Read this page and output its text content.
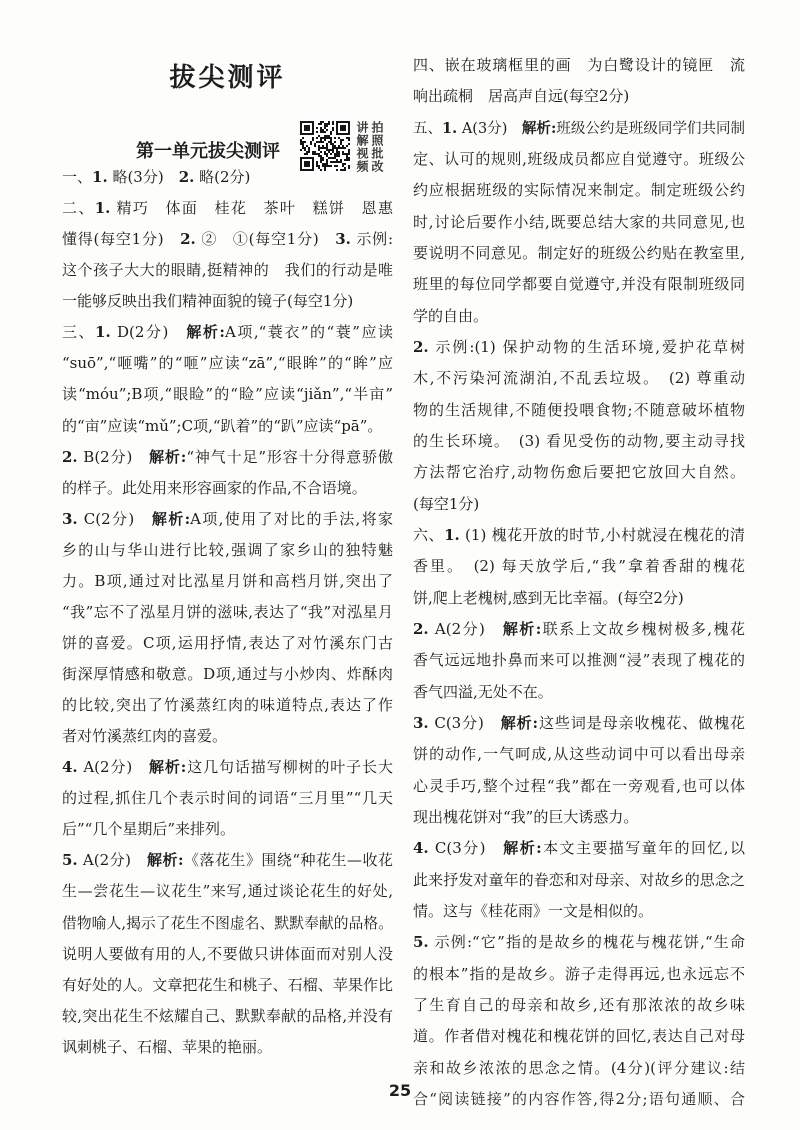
拔尖测评
第一单元拔尖测评	讲解视频 拍照批改
一、1. 略(3分)　2. 略(2分)
二、1. 精巧　体面　桂花　茶叶　糕饼　恩惠
懂得(每空1分)　2. ②　①(每空1分)　3. 示例:
这个孩子大大的眼睛,挺精神的　我们的行动是唯
一能够反映出我们精神面貌的镜子(每空1分)
三、1. D(2分)　解析:A项,“蓑衣”的“蓑”应读
“suō”,“咂嘴”的“咂”应读“zā”,“眼眸”的“眸”应
读“móu”;B项,“眼睑”的“睑”应读“jiǎn”,“半亩”
的“亩”应读“mǔ”;C项,“趴着”的“趴”应读“pā”。
2. B(2分)　解析:“神气十足”形容十分得意骄傲
的样子。此处用来形容画家的作品,不合语境。
3. C(2分)　解析:A项,使用了对比的手法,将家
乡的山与华山进行比较,强调了家乡山的独特魅
力。B项,通过对比泓星月饼和高档月饼,突出了
“我”忘不了泓星月饼的滋味,表达了“我”对泓星月
饼的喜爱。C项,运用抒情,表达了对竹溪东门古
街深厚情感和敬意。D项,通过与小炒肉、炸酥肉
的比较,突出了竹溪蒸红肉的味道特点,表达了作
者对竹溪蒸红肉的喜爱。
4. A(2分)　解析:这几句话描写柳树的叶子长大
的过程,抓住几个表示时间的词语“三月里”“几天
后”“几个星期后”来排列。
5. A(2分)　解析:《落花生》围绕“种花生—收花
生—尝花生—议花生”来写,通过谈论花生的好处,
借物喻人,揭示了花生不图虚名、默默奉献的品格。
说明人要做有用的人,不要做只讲体面而对别人没
有好处的人。文章把花生和桃子、石榴、苹果作比
较,突出花生不炫耀自己、默默奉献的品格,并没有
讽刺桃子、石榴、苹果的艳丽。
四、嵌在玻璃框里的画　为白鹭设计的镜匣　流
响出疏桐　居高声自远(每空2分)
五、1. A(3分)　解析:班级公约是班级同学们共同制
定、认可的规则,班级成员都应自觉遵守。班级公
约应根据班级的实际情况来制定。制定班级公约
时,讨论后要作小结,既要总结大家的共同意见,也
要说明不同意见。制定好的班级公约贴在教室里,
班里的每位同学都要自觉遵守,并没有限制班级同
学的自由。
2. 示例:(1) 保护动物的生活环境,爱护花草树
木,不污染河流湖泊,不乱丢垃圾。　(2) 尊重动
物的生活规律,不随便投喂食物;不随意破坏植物
的生长环境。　(3) 看见受伤的动物,要主动寻找
方法帮它治疗,动物伤愈后要把它放回大自然。
(每空1分)
六、1. (1) 槐花开放的时节,小村就浸在槐花的清
香里。　(2) 每天放学后,“我”拿着香甜的槐花
饼,爬上老槐树,感到无比幸福。(每空2分)
2. A(2分)　解析:联系上文故乡槐树极多,槐花
香气远远地扑鼻而来可以推测“浸”表现了槐花的
香气四溢,无处不在。
3. C(3分)　解析:这些词是母亲收槐花、做槐花
饼的动作,一气呵成,从这些动词中可以看出母亲
心灵手巧,整个过程“我”都在一旁观看,也可以体
现出槐花饼对“我”的巨大诱惑力。
4. C(3分)　解析:本文主要描写童年的回忆,以
此来抒发对童年的眷恋和对母亲、对故乡的思念之
情。这与《桂花雨》一文是相似的。
5. 示例:“它”指的是故乡的槐花与槐花饼,“生命
的根本”指的是故乡。游子走得再远,也永远忘不
了生育自己的母亲和故乡,还有那浓浓的故乡味
道。作者借对槐花和槐花饼的回忆,表达自己对母
亲和故乡浓浓的思念之情。(4分)(评分建议:结
合“阅读链接”的内容作答,得2分;语句通顺、合
25
